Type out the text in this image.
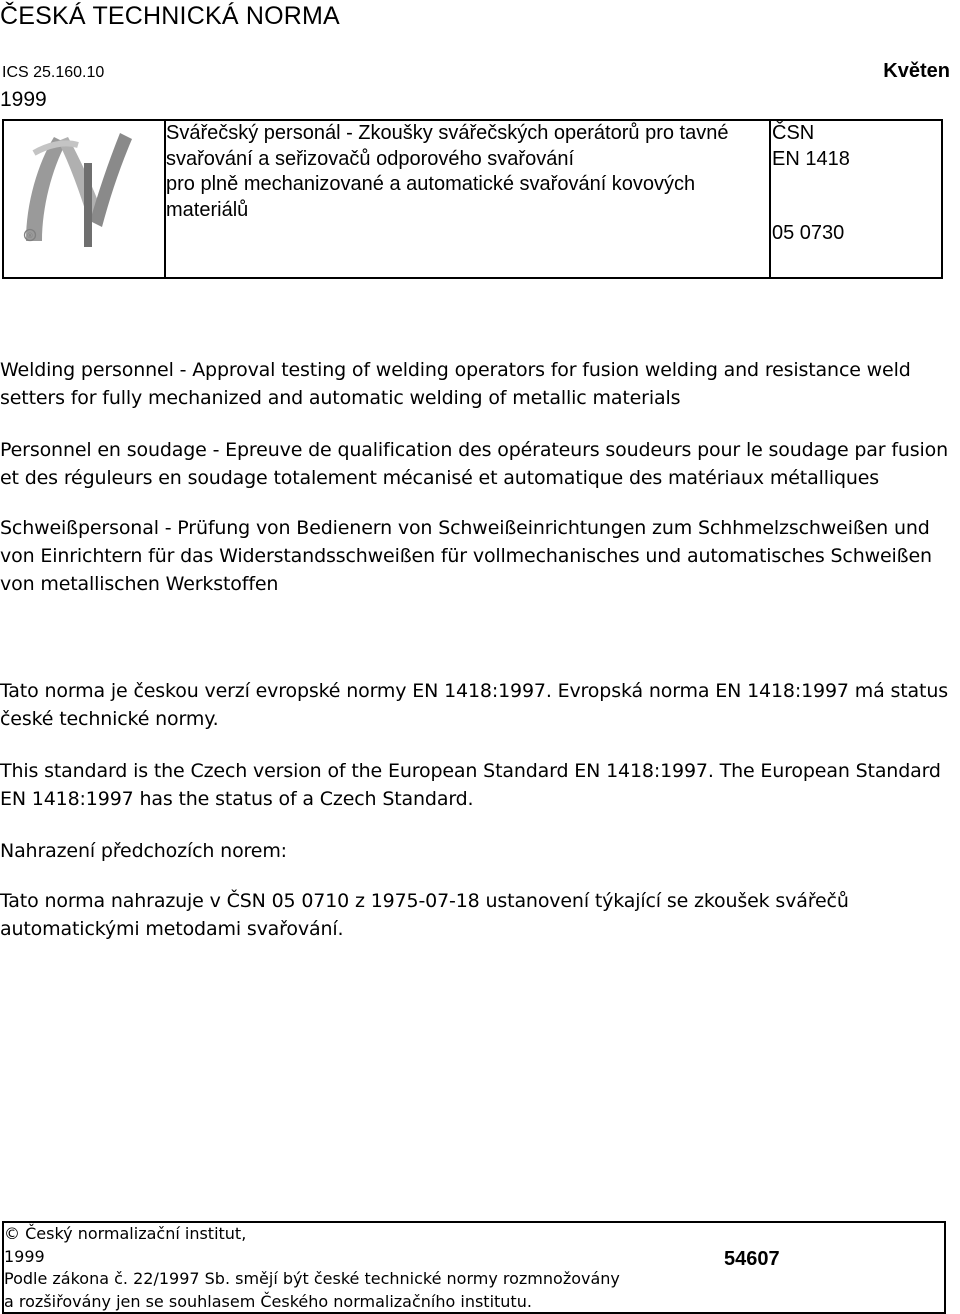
ČESKÁ TECHNICKÁ NORMA
ICS 25.160.10
1999
Květen
®
Svářečský personál - Zkoušky svářečských operátorů pro tavné
svařování a seřizovačů odporového svařování
pro plně mechanizované a automatické svařování kovových
materiálů
ČSN
EN 1418
05 0730
Welding personnel - Approval testing of welding operators for fusion welding and resistance weld setters for fully mechanized and automatic welding of metallic materials
Personnel en soudage - Epreuve de qualification des opérateurs soudeurs pour le soudage par fusion et des réguleurs en soudage totalement mécanisé et automatique des matériaux métalliques
Schweißpersonal - Prüfung von Bedienern von Schweißeinrichtungen zum Schhmelzschweißen und von Einrichtern für das Widerstandsschweißen für vollmechanisches und automatisches Schweißen von metallischen Werkstoffen
Tato norma je českou verzí evropské normy EN 1418:1997. Evropská norma EN 1418:1997 má status české technické normy.
This standard is the Czech version of the European Standard EN 1418:1997. The European Standard EN 1418:1997 has the status of a Czech Standard.
Nahrazení předchozích norem:
Tato norma nahrazuje v ČSN 05 0710 z 1975-07-18 ustanovení týkající se zkoušek svářečů automatickými metodami svařování.
© Český normalizační institut,
1999
Podle zákona č. 22/1997 Sb. smějí být české technické normy rozmnožovány
a rozšiřovány jen se souhlasem Českého normalizačního institutu.
54607
